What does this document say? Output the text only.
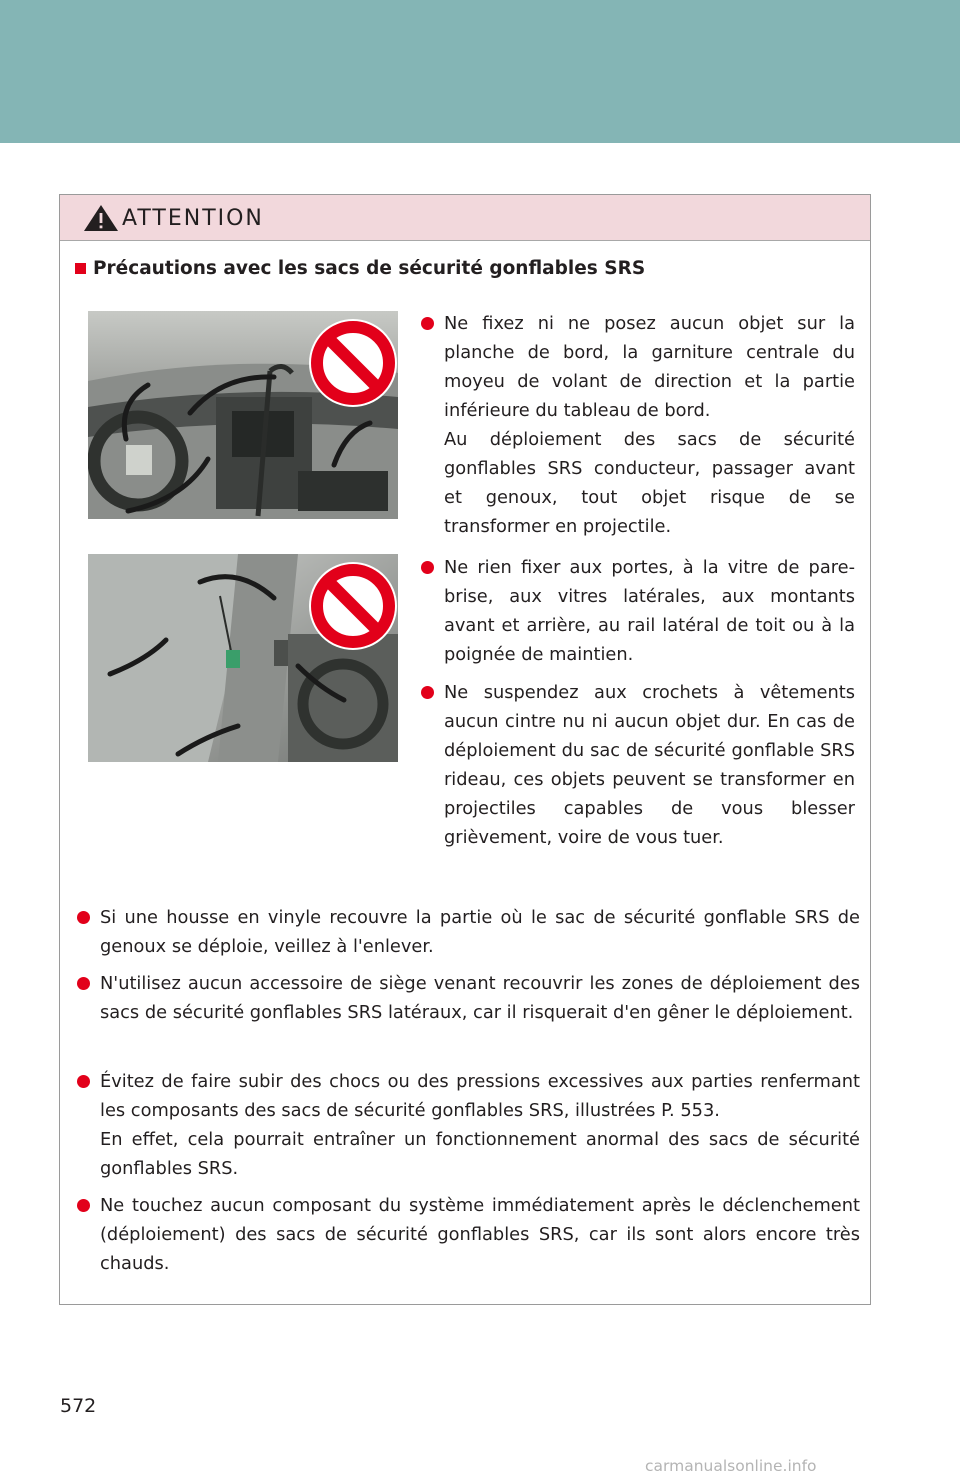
ATTENTION
Précautions avec les sacs de sécurité gonflables SRS
Ne fixez ni ne posez aucun objet sur la planche de bord, la garniture centrale du moyeu de volant de direction et la partie inférieure du tableau de bord.
Au déploiement des sacs de sécurité gonflables SRS conducteur, passager avant et genoux, tout objet risque de se transformer en projectile.
Ne rien fixer aux portes, à la vitre de pare-brise, aux vitres latérales, aux montants avant et arrière, au rail latéral de toit ou à la poignée de maintien.
Ne suspendez aux crochets à vêtements aucun cintre nu ni aucun objet dur. En cas de déploiement du sac de sécurité gonflable SRS rideau, ces objets peuvent se transformer en projectiles capables de vous blesser grièvement, voire de vous tuer.
Si une housse en vinyle recouvre la partie où le sac de sécurité gonflable SRS de genoux se déploie, veillez à l'enlever.
N'utilisez aucun accessoire de siège venant recouvrir les zones de déploiement des sacs de sécurité gonflables SRS latéraux, car il risquerait d'en gêner le déploiement.
Évitez de faire subir des chocs ou des pressions excessives aux parties renfermant les composants des sacs de sécurité gonflables SRS, illustrées P. 553.
En effet, cela pourrait entraîner un fonctionnement anormal des sacs de sécurité gonflables SRS.
Ne touchez aucun composant du système immédiatement après le déclenchement (déploiement) des sacs de sécurité gonflables SRS, car ils sont alors encore très chauds.
572
carmanualsonline.info
